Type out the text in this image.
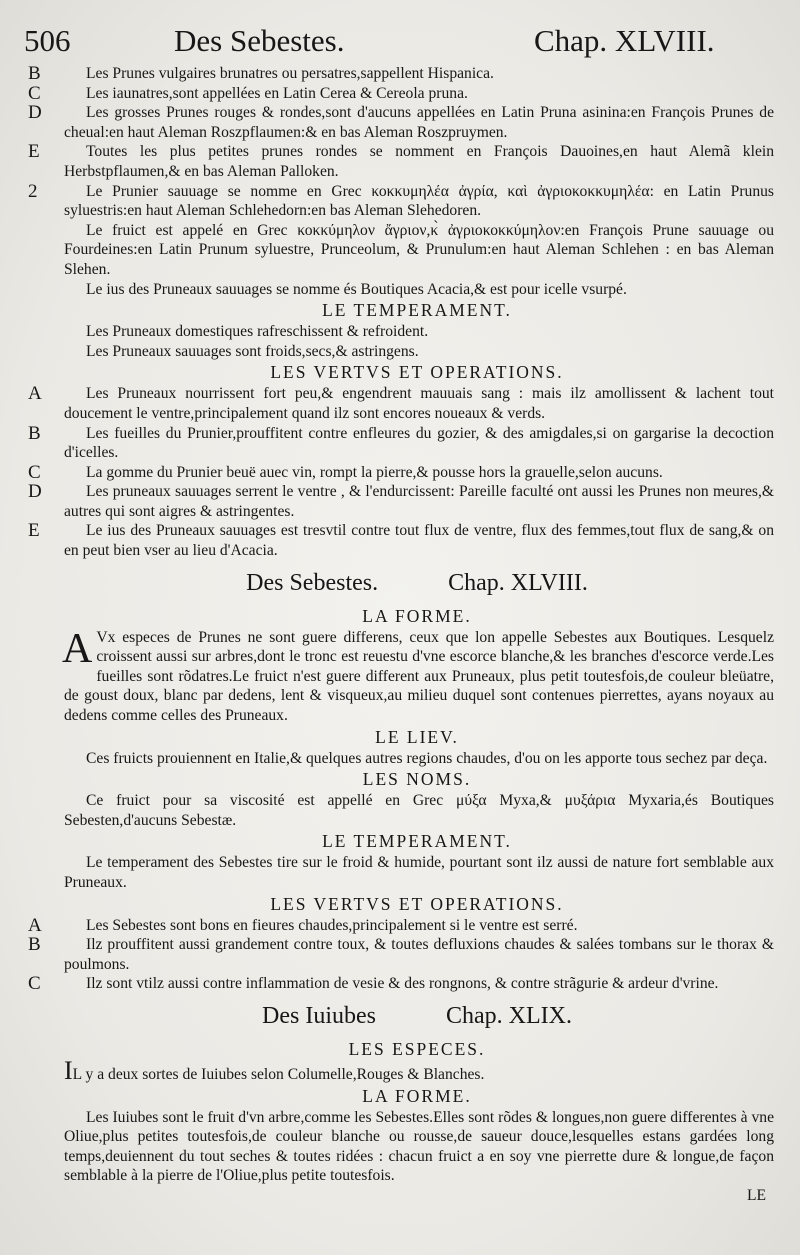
506	Des Sebestes.	Chap. XLVIII.
B	Les Prunes vulgaires brunatres ou persatres,sappellent Hispanica.
C	Les iaunatres,sont appellées en Latin Cerea & Cereola pruna.
D	Les grosses Prunes rouges & rondes,sont d'aucuns appellées en Latin Pruna asinina:en François Prunes de cheual:en haut Aleman Roszpflaumen:& en bas Aleman Roszpruymen.
E	Toutes les plus petites prunes rondes se nomment en François Dauoines,en haut Alemã klein Herbstpflaumen,& en bas Aleman Palloken.
2	Le Prunier sauuage se nomme en Grec κοκκυμηλέα ἀγρία, καὶ ἀγριοκοκκυμηλέα: en Latin Prunus syluestris:en haut Aleman Schlehedorn:en bas Aleman Slehedoren.
Le fruict est appelé en Grec κοκκύμηλον ἄγριον,κ̀ ἀγριοκοκκύμηλον:en François Prune sauuage ou Fourdeines:en Latin Prunum syluestre, Prunceolum, & Prunulum:en haut Aleman Schlehen : en bas Aleman Slehen.
Le ius des Pruneaux sauuages se nomme és Boutiques Acacia,& est pour icelle vsurpé.
LE TEMPERAMENT.
Les Pruneaux domestiques rafreschissent & refroident.
Les Pruneaux sauuages sont froids,secs,& astringens.
LES VERTVS ET OPERATIONS.
A	Les Pruneaux nourrissent fort peu,& engendrent mauuais sang : mais ilz amollissent & lachent tout doucement le ventre,principalement quand ilz sont encores noueaux & verds.
B	Les fueilles du Prunier,prouffitent contre enfleures du gozier, & des amigdales,si on gargarise la decoction d'icelles.
C	La gomme du Prunier beuë auec vin, rompt la pierre,& pousse hors la grauelle,selon aucuns.
D	Les pruneaux sauuages serrent le ventre , & l'endurcissent: Pareille faculté ont aussi les Prunes non meures,& autres qui sont aigres & astringentes.
E	Le ius des Pruneaux sauuages est tresvtil contre tout flux de ventre, flux des femmes,tout flux de sang,& on en peut bien vser au lieu d'Acacia.
Des Sebestes.	Chap. XLVIII.
LA FORME.
A Vx especes de Prunes ne sont guere differens, ceux que lon appelle Sebestes aux Boutiques. Lesquelz croissent aussi sur arbres,dont le tronc est reuestu d'vne escorce blanche,& les branches d'escorce verde.Les fueilles sont rõdatres.Le fruict n'est guere different aux Pruneaux, plus petit toutesfois,de couleur bleüatre, de goust doux, blanc par dedens, lent & visqueux,au milieu duquel sont contenues pierrettes, ayans noyaux au dedens comme celles des Pruneaux.
LE LIEV.
Ces fruicts prouiennent en Italie,& quelques autres regions chaudes, d'ou on les apporte tous sechez par deça.
LES NOMS.
Ce fruict pour sa viscosité est appellé en Grec μύξα Myxa,& μυξάρια Myxaria,és Boutiques Sebesten,d'aucuns Sebestæ.
LE TEMPERAMENT.
Le temperament des Sebestes tire sur le froid & humide, pourtant sont ilz aussi de nature fort semblable aux Pruneaux.
LES VERTVS ET OPERATIONS.
A	Les Sebestes sont bons en fieures chaudes,principalement si le ventre est serré.
B	Ilz prouffitent aussi grandement contre toux, & toutes defluxions chaudes & salées tombans sur le thorax & poulmons.
C	Ilz sont vtilz aussi contre inflammation de vesie & des rongnons, & contre strãgurie & ardeur d'vrine.
Des Iuiubes	Chap. XLIX.
LES ESPECES.
IL y a deux sortes de Iuiubes selon Columelle,Rouges & Blanches.
LA FORME.
Les Iuiubes sont le fruit d'vn arbre,comme les Sebestes.Elles sont rõdes & longues,non guere differentes à vne Oliue,plus petites toutesfois,de couleur blanche ou rousse,de saueur douce,lesquelles estans gardées long temps,deuiennent du tout seches & toutes ridées : chacun fruict a en soy vne pierrette dure & longue,de façon semblable à la pierre de l'Oliue,plus petite toutesfois.
LE
